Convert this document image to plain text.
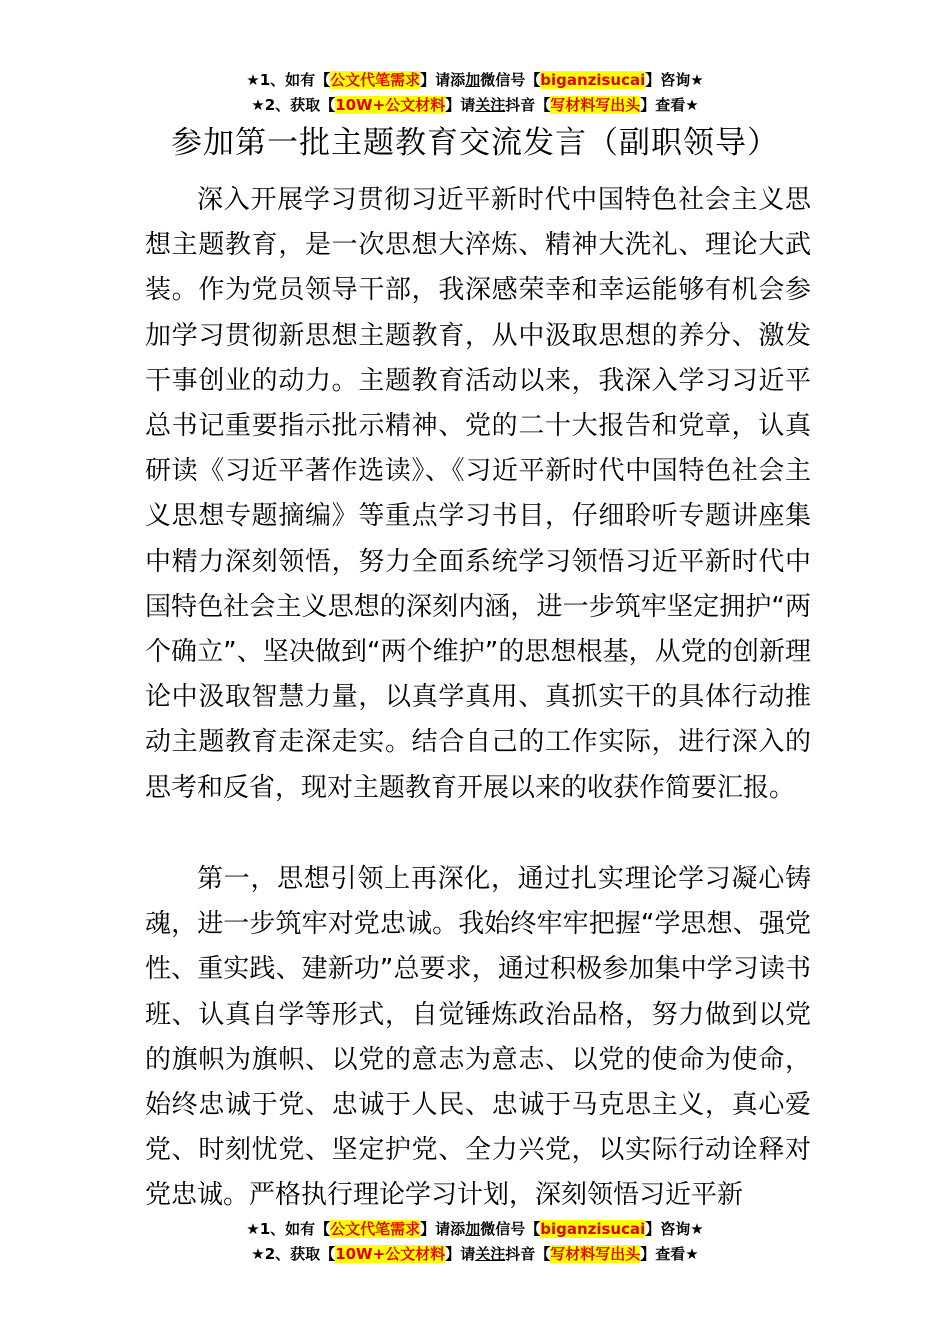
★1、如有【公文代笔需求】请添加微信号【biganzisucai】咨询★
★2、获取【10W+公文材料】请关注抖音【写材料写出头】查看★
参加第一批主题教育交流发言（副职领导）

深入开展学习贯彻习近平新时代中国特色社会主义思想主题教育，是一次思想大淬炼、精神大洗礼、理论大武装。作为党员领导干部，我深感荣幸和幸运能够有机会参加学习贯彻新思想主题教育，从中汲取思想的养分、激发干事创业的动力。主题教育活动以来，我深入学习习近平总书记重要指示批示精神、党的二十大报告和党章，认真研读《习近平著作选读》、《习近平新时代中国特色社会主义思想专题摘编》等重点学习书目，仔细聆听专题讲座集中精力深刻领悟，努力全面系统学习领悟习近平新时代中国特色社会主义思想的深刻内涵，进一步筑牢坚定拥护“两个确立”、坚决做到“两个维护”的思想根基，从党的创新理论中汲取智慧力量，以真学真用、真抓实干的具体行动推动主题教育走深走实。结合自己的工作实际，进行深入的思考和反省，现对主题教育开展以来的收获作简要汇报。

第一，思想引领上再深化，通过扎实理论学习凝心铸魂，进一步筑牢对党忠诚。我始终牢牢把握“学思想、强党性、重实践、建新功”总要求，通过积极参加集中学习读书班、认真自学等形式，自觉锤炼政治品格，努力做到以党的旗帜为旗帜、以党的意志为意志、以党的使命为使命，始终忠诚于党、忠诚于人民、忠诚于马克思主义，真心爱党、时刻忧党、坚定护党、全力兴党，以实际行动诠释对党忠诚。严格执行理论学习计划，深刻领悟习近平新

★1、如有【公文代笔需求】请添加微信号【biganzisucai】咨询★
★2、获取【10W+公文材料】请关注抖音【写材料写出头】查看★
